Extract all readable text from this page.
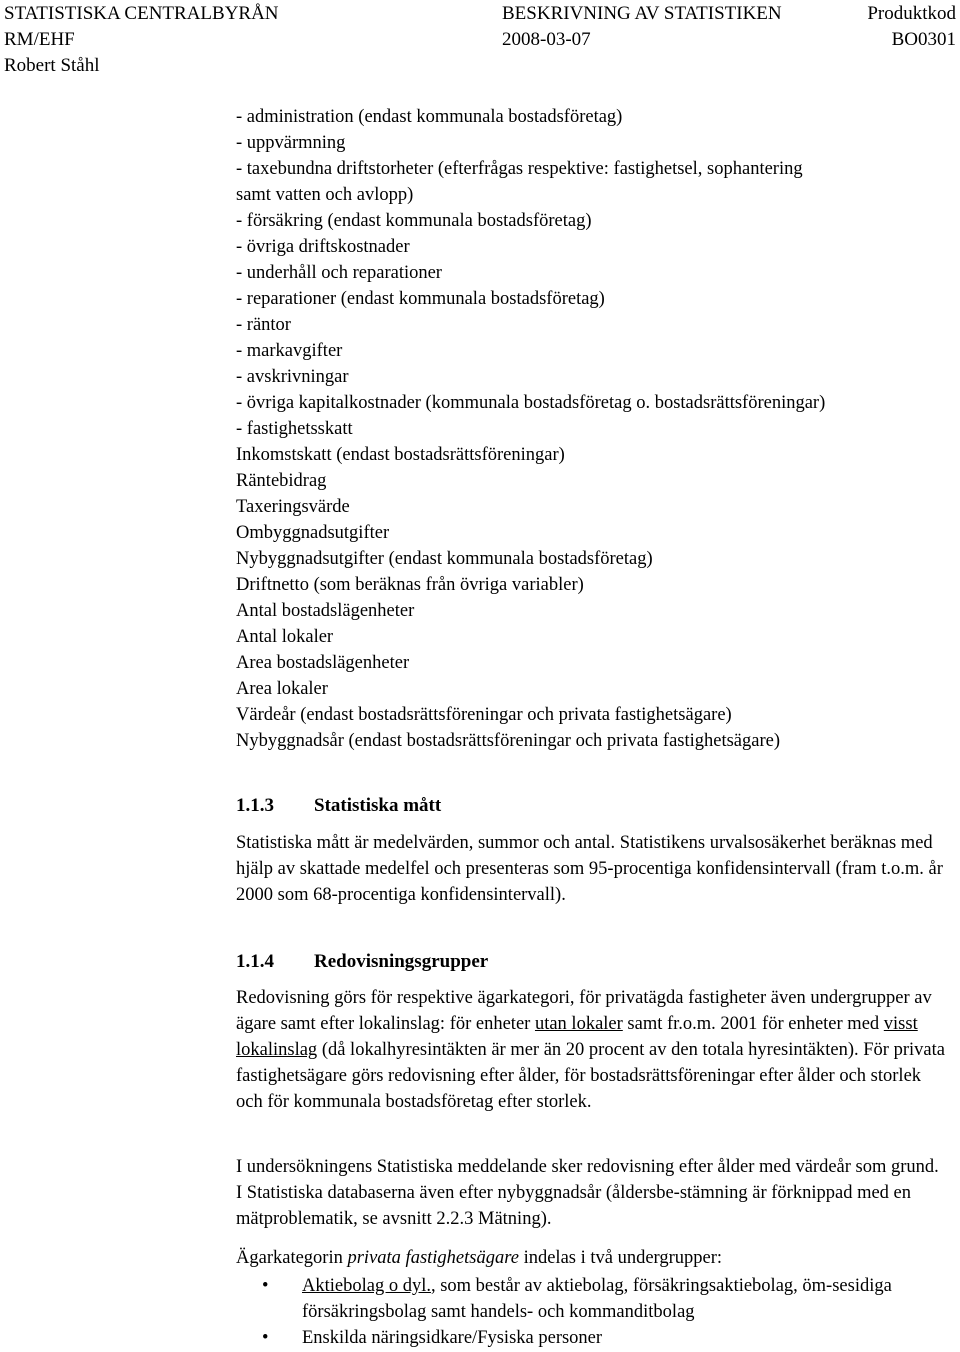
STATISTISKA CENTRALBYRÅN	BESKRIVNING AV STATISTIKEN	Produktkod
RM/EHF	2008-03-07	BO0301
Robert Ståhl
- administration (endast kommunala bostadsföretag)
- uppvärmning
- taxebundna driftstorheter (efterfrågas respektive: fastighetsel, sophantering
samt vatten och avlopp)
- försäkring (endast kommunala bostadsföretag)
- övriga driftskostnader
- underhåll och reparationer
- reparationer (endast kommunala bostadsföretag)
- räntor
- markavgifter
- avskrivningar
- övriga kapitalkostnader (kommunala bostadsföretag o. bostadsrättsföreningar)
- fastighetsskatt
Inkomstskatt (endast bostadsrättsföreningar)
Räntebidrag
Taxeringsvärde
Ombyggnadsutgifter
Nybyggnadsutgifter (endast kommunala bostadsföretag)
Driftnetto (som beräknas från övriga variabler)
Antal bostadslägenheter
Antal lokaler
Area bostadslägenheter
Area lokaler
Värdeår (endast bostadsrättsföreningar och privata fastighetsägare)
Nybyggnadsår (endast bostadsrättsföreningar och privata fastighetsägare)
1.1.3 Statistiska mått

Statistiska mått är medelvärden, summor och antal. Statistikens urvalsosäkerhet beräknas med hjälp av skattade medelfel och presenteras som 95-procentiga konfidensintervall (fram t.o.m. år 2000 som 68-procentiga konfidensintervall).

1.1.4 Redovisningsgrupper

Redovisning görs för respektive ägarkategori, för privatägda fastigheter även undergrupper av ägare samt efter lokalinslag: för enheter utan lokaler samt fr.o.m. 2001 för enheter med visst lokalinslag (då lokalhyresintäkten är mer än 20 procent av den totala hyresintäkten). För privata fastighetsägare görs redovisning efter ålder, för bostadsrättsföreningar efter ålder och storlek och för kommunala bostadsföretag efter storlek.

I undersökningens Statistiska meddelande sker redovisning efter ålder med värdeår som grund. I Statistiska databaserna även efter nybyggnadsår (åldersbe-stämning är förknippad med en mätproblematik, se avsnitt 2.2.3 Mätning).

Ägarkategorin privata fastighetsägare indelas i två undergrupper:

• Aktiebolag o dyl., som består av aktiebolag, försäkringsaktiebolag, öm-sesidiga försäkringsbolag samt handels- och kommanditbolag
• Enskilda näringsidkare/Fysiska personer
